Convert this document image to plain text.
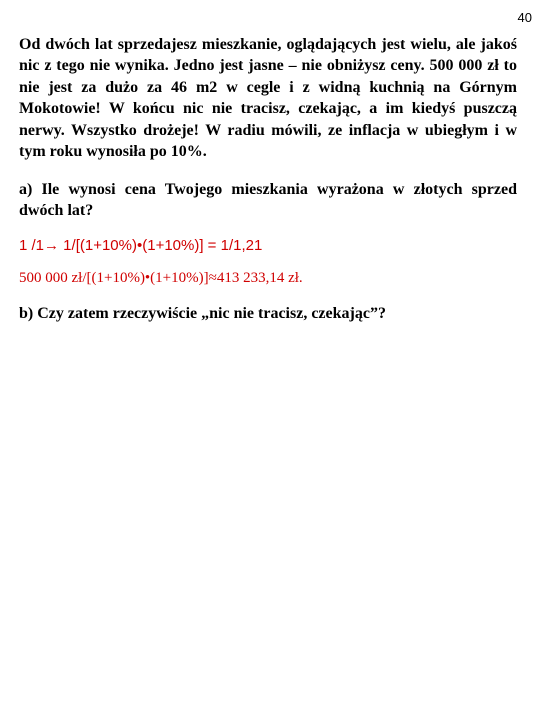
40

Od dwóch lat sprzedajesz mieszkanie, oglądających jest wielu, ale jakoś nic z tego nie wynika. Jedno jest jasne – nie obniżysz ceny. 500 000 zł to nie jest za dużo za 46 m2 w cegle i z widną kuchnią na Górnym Mokotowie! W końcu nic nie tracisz, czekając, a im kiedyś puszczą nerwy. Wszystko drożeje! W radiu mówili, ze inflacja w ubiegłym i w tym roku wynosiła po 10%.

a) Ile wynosi cena Twojego mieszkania wyrażona w złotych sprzed dwóch lat?

1 /1→ 1/[(1+10%)•(1+10%)] = 1/1,21

500 000 zł/[(1+10%)•(1+10%)]≈413 233,14 zł.

b) Czy zatem rzeczywiście „nic nie tracisz, czekając”?
